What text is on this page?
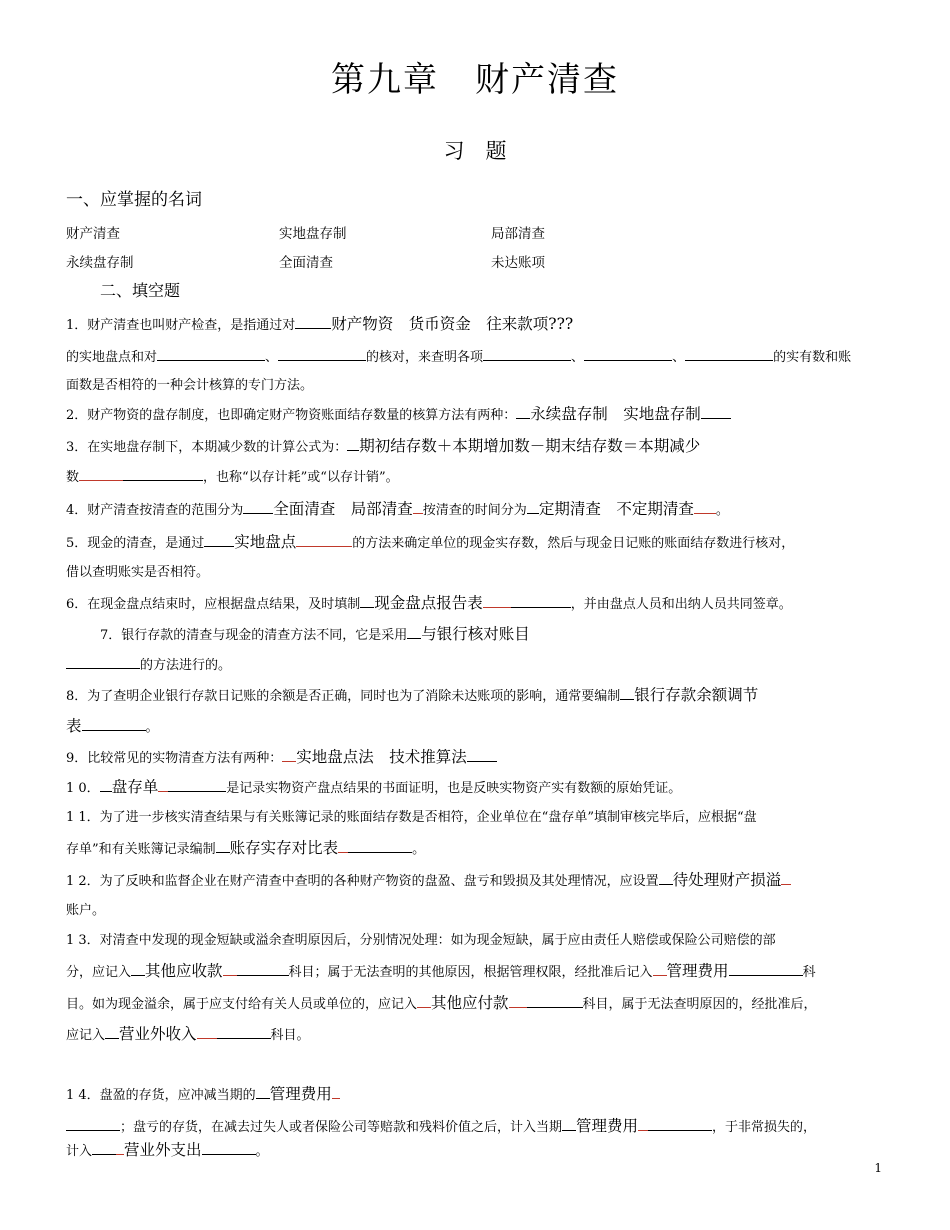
第九章　财产清查
习　题
一、应掌握的名词
财产清查	实地盘存制	局部清查
永续盘存制	全面清查	未达账项
二、填空题
1．财产清查也叫财产检查，是指通过对 财产物资　货币资金　往来款项???
的实地盘点和对	、	的核对，来查明各项	、	、	的实有数和账
面数是否相符的一种会计核算的专门方法。
2．财产物资的盘存制度，也即确定财产物资账面结存数量的核算方法有两种： 永续盘存制　实地盘存制
3．在实地盘存制下，本期减少数的计算公式为： 期初结存数＋本期增加数－期末结存数＝本期减少
数	，也称“以存计耗”或“以存计销”。
4．财产清查按清查的范围分为 全面清查　局部清查 按清查的时间分为 定期清查　不定期清查 。
5．现金的清查，是通过 实地盘点	的方法来确定单位的现金实存数，然后与现金日记账的账面结存数进行核对，
借以查明账实是否相符。
6．在现金盘点结束时，应根据盘点结果，及时填制 现金盘点报告表	，并由盘点人员和出纳人员共同签章。
7．银行存款的清查与现金的清查方法不同，它是采用 与银行核对账目
的方法进行的。
8．为了查明企业银行存款日记账的余额是否正确，同时也为了消除未达账项的影响，通常要编制 银行存款余额调节
表	。
9．比较常见的实物清查方法有两种： 实地盘点法　技术推算法
1 0． 盘存单	是记录实物资产盘点结果的书面证明，也是反映实物资产实有数额的原始凭证。
1 1．为了进一步核实清查结果与有关账簿记录的账面结存数是否相符，企业单位在“盘存单”填制审核完毕后，应根据“盘
存单”和有关账簿记录编制 账存实存对比表	。
1 2．为了反映和监督企业在财产清查中查明的各种财产物资的盘盈、盘亏和毁损及其处理情况，应设置 待处理财产损溢
账户。
1 3．对清查中发现的现金短缺或溢余查明原因后，分别情况处理：如为现金短缺，属于应由责任人赔偿或保险公司赔偿的部
分，应记入 其他应收款	科目；属于无法查明的其他原因，根据管理权限，经批准后记入 管理费用	科
目。如为现金溢余，属于应支付给有关人员或单位的，应记入 其他应付款	科目，属于无法查明原因的，经批准后，
应记入 营业外收入	科目。
1 4．盘盈的存货，应冲减当期的 管理费用
；盘亏的存货，在减去过失人或者保险公司等赔款和残料价值之后，计入当期 管理费用	，于非常损失的，
计入 营业外支出	。
1
